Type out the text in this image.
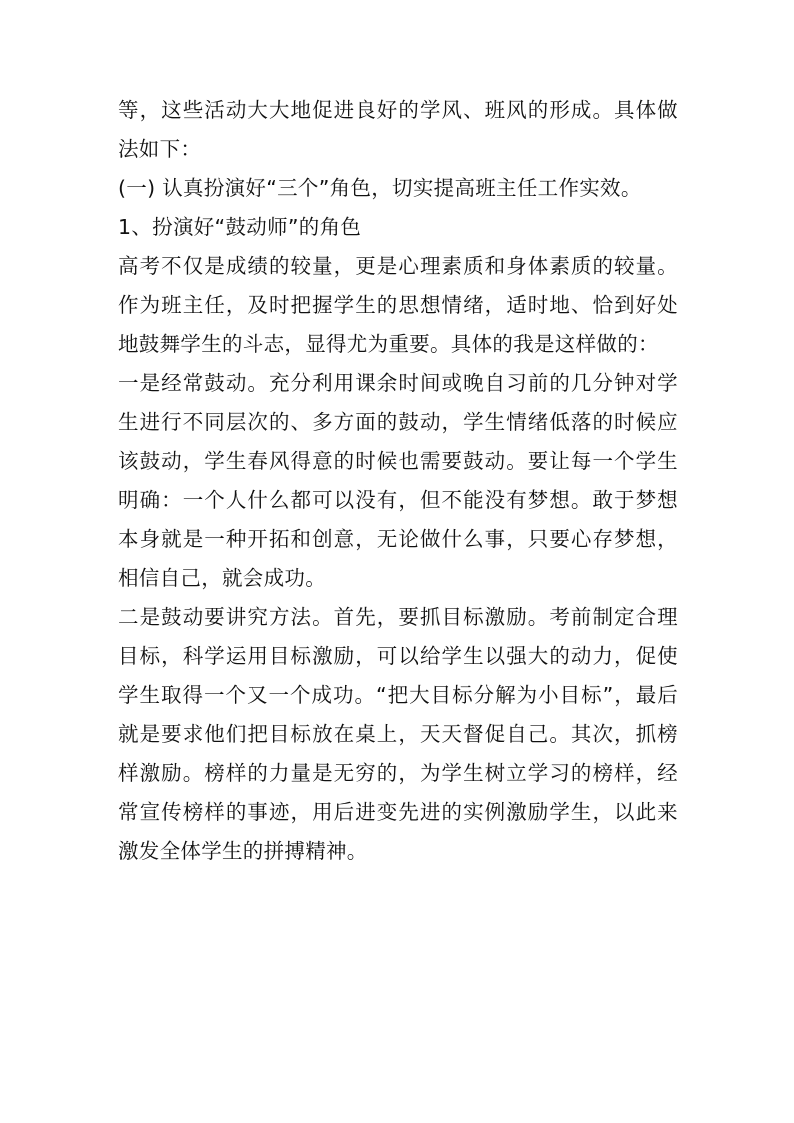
等，这些活动大大地促进良好的学风、班风的形成。具体做法如下：

(一) 认真扮演好“三个”角色，切实提高班主任工作实效。

1、扮演好“鼓动师”的角色

高考不仅是成绩的较量，更是心理素质和身体素质的较量。作为班主任，及时把握学生的思想情绪，适时地、恰到好处地鼓舞学生的斗志，显得尤为重要。具体的我是这样做的：

一是经常鼓动。充分利用课余时间或晚自习前的几分钟对学生进行不同层次的、多方面的鼓动，学生情绪低落的时候应该鼓动，学生春风得意的时候也需要鼓动。要让每一个学生明确：一个人什么都可以没有，但不能没有梦想。敢于梦想本身就是一种开拓和创意，无论做什么事，只要心存梦想，相信自己，就会成功。

二是鼓动要讲究方法。首先，要抓目标激励。考前制定合理目标，科学运用目标激励，可以给学生以强大的动力，促使学生取得一个又一个成功。“把大目标分解为小目标”，最后就是要求他们把目标放在桌上，天天督促自己。其次，抓榜样激励。榜样的力量是无穷的，为学生树立学习的榜样，经常宣传榜样的事迹，用后进变先进的实例激励学生，以此来激发全体学生的拼搏精神。
